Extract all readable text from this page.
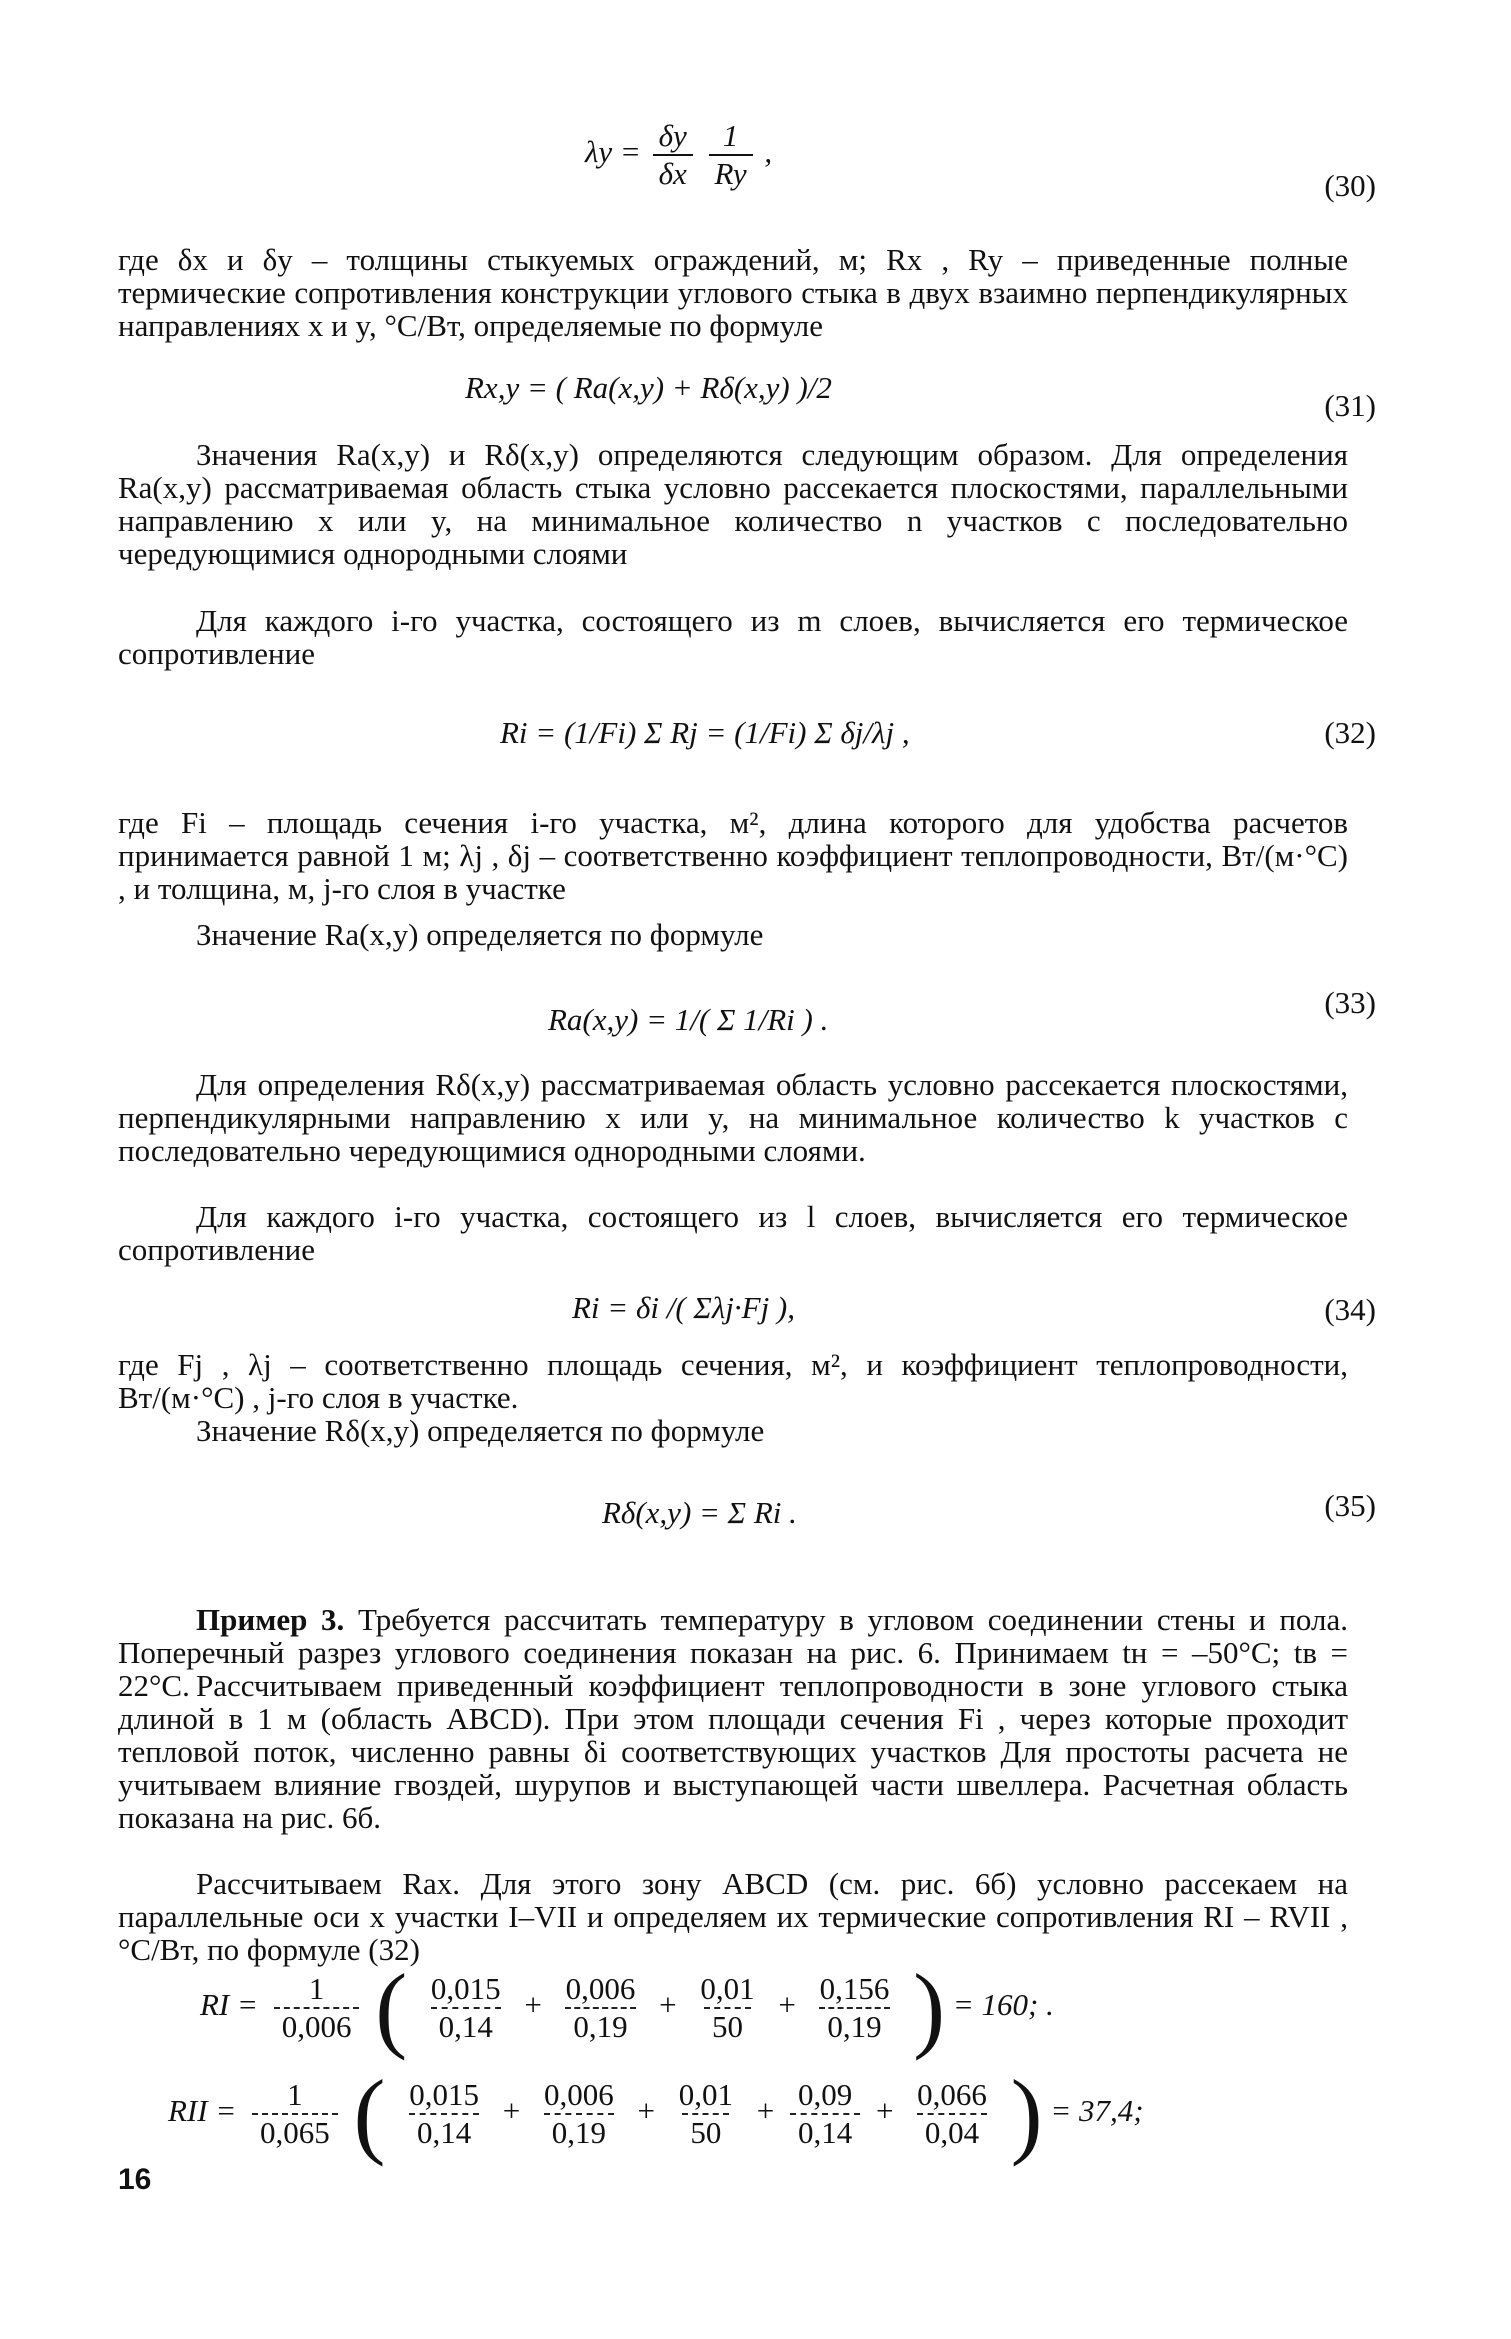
$\lambda y = \frac{\delta y}{\delta x}$
$\frac{1}{Ry}$ ,
(30)
где δx и δy – толщины стыкуемых ограждений, м; Rx , Ry – приведенные полные термические сопротивления конструкции углового стыка в двух взаимно перпендикулярных направлениях x и y, °С/Вт, определяемые по формуле
Rx,y = ( Ra(x,y) + Rδ(x,y) )/2
(31)
Значения Ra(x,y) и Rδ(x,y) определяются следующим образом. Для определения Ra(x,y) рассматриваемая область стыка условно рассекается плоскостями, параллельными направлению x или y, на минимальное количество n участков с последовательно чередующимися однородными слоями
Для каждого i-го участка, состоящего из m слоев, вычисляется его термическое сопротивление
Ri = (1/Fi) Σ Rj = (1/Fi) Σ δj/λj ,	(32)
где Fi – площадь сечения i-го участка, м², длина которого для удобства расчетов принимается равной 1 м; λj , δj – соответственно коэффициент теплопроводности, Вт/(м·°С) , и толщина, м, j-го слоя в участке
Значение Ra(x,y) определяется по формуле
Ra(x,y) = 1/( Σ 1/Ri ) .	(33)
Для определения Rδ(x,y) рассматриваемая область условно рассекается плоскостями, перпендикулярными направлению x или y, на минимальное количество k участков с последовательно чередующимися однородными слоями.
Для каждого i-го участка, состоящего из l слоев, вычисляется его термическое сопротивление
Ri = δi /( Σλj·Fj ),	(34)
где Fj , λj – соответственно площадь сечения, м², и коэффициент теплопроводности, Вт/(м·°С) , j-го слоя в участке.
Значение Rδ(x,y) определяется по формуле
Rδ(x,y) = Σ Ri .	(35)
Пример 3. Требуется рассчитать температуру в угловом соединении стены и пола. Поперечный разрез углового соединения показан на рис. 6. Принимаем tн = –50°С; tв = 22°С. Рассчитываем приведенный коэффициент теплопроводности в зоне углового стыка длиной в 1 м (область ABCD). При этом площади сечения Fi , через которые проходит тепловой поток, численно равны δi соответствующих участков Для простоты расчета не учитываем влияние гвоздей, шурупов и выступающей части швеллера. Расчетная область показана на рис. 6б.
Рассчитываем Rax. Для этого зону ABCD (см. рис. 6б) условно рассекаем на параллельные оси x участки I–VII и определяем их термические сопротивления RI – RVII , °С/Вт, по формуле (32)
RI = $\frac{1}{0,006}$ ( $\frac{0,015}{0,14} + \frac{0,006}{0,19} + \frac{0,01}{50} + \frac{0,156}{0,19}$ ) = 160; .
RII = $\frac{1}{0,065}$ ( $\frac{0,015}{0,14} + \frac{0,006}{0,19} + \frac{0,01}{50} + \frac{0,09}{0,14} + \frac{0,066}{0,04}$ ) = 37,4;
16
